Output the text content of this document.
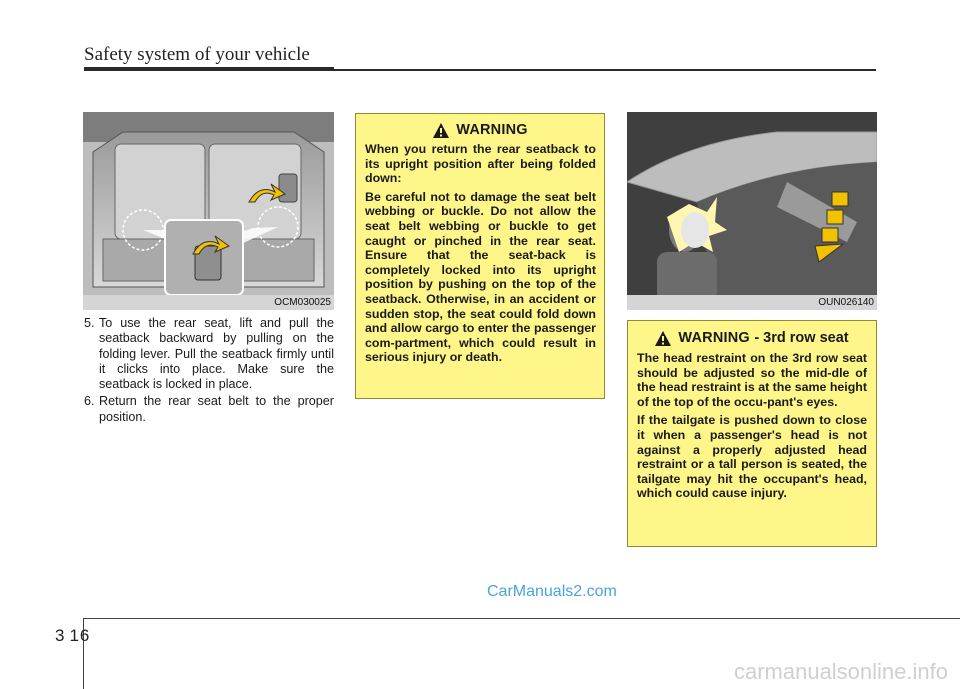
Safety system of your vehicle
OCM030025	OUN026140
5. To use the rear seat, lift and pull the seatback backward by pulling on the folding lever. Pull the seatback firmly until it clicks into place. Make sure the seatback is locked in place.
6. Return the rear seat belt to the proper position.
WARNING

When you return the rear seatback to its upright position after being folded down:

Be careful not to damage the seat belt webbing or buckle. Do not allow the seat belt webbing or buckle to get caught or pinched in the rear seat. Ensure that the seat-back is completely locked into its upright position by pushing on the top of the seatback. Otherwise, in an accident or sudden stop, the seat could fold down and allow cargo to enter the passenger com-partment, which could result in serious injury or death.

WARNING
- 3rd row seat

The head restraint on the 3rd row seat should be adjusted so the mid-dle of the head restraint is at the same height of the top of the occu-pant's eyes.

If the tailgate is pushed down to close it when a passenger's head is not against a properly adjusted head restraint or a tall person is seated, the tailgate may hit the occupant's head, which could cause injury.

CarManuals2.com
3 16
carmanualsonline.info
